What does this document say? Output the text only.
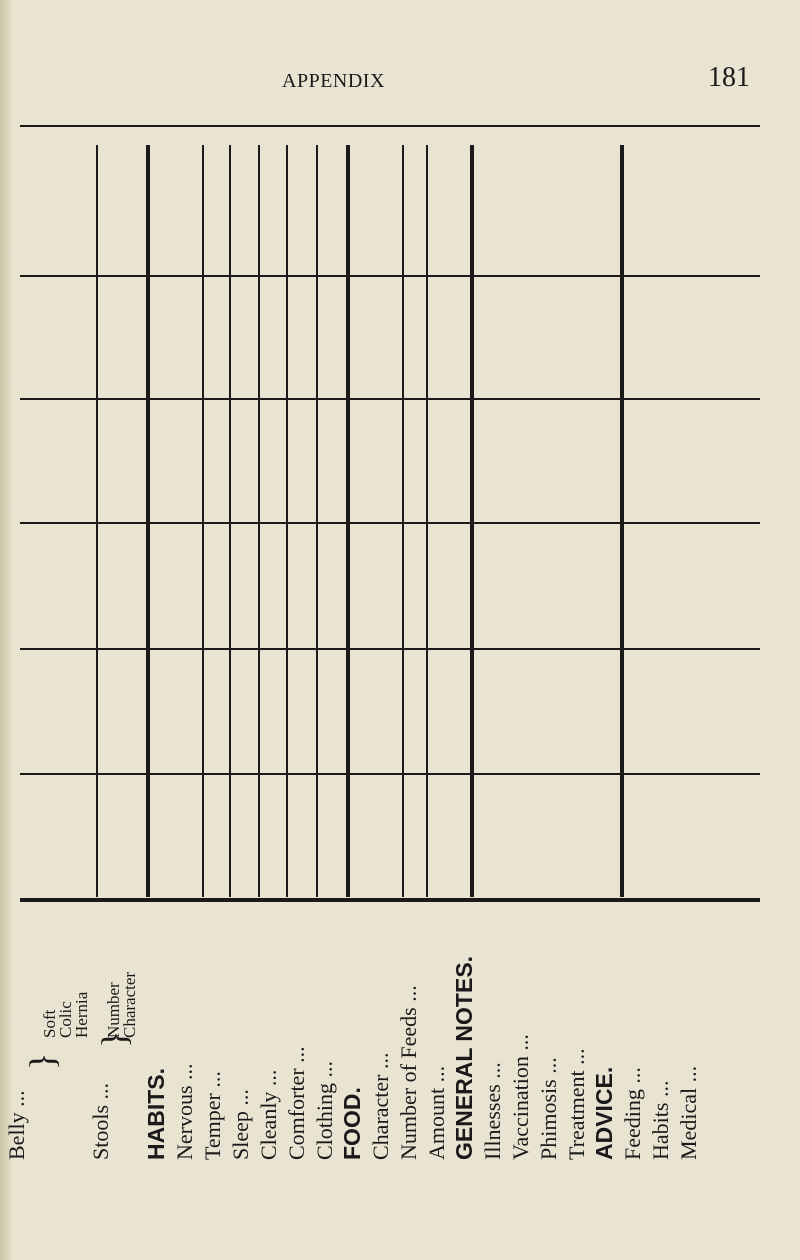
APPENDIX	181
Belly ...
}
Soft
Colic
Hernia
Stools ...
}
Number
Character
HABITS. Nervous ... Temper ... Sleep ... Cleanly ... Comforter ... Clothing ... FOOD. Character ... Number of Feeds ... Amount ... GENERAL NOTES. Illnesses ... Vaccination ... Phimosis ... Treatment ... ADVICE. Feeding ... Habits ... Medical ...
